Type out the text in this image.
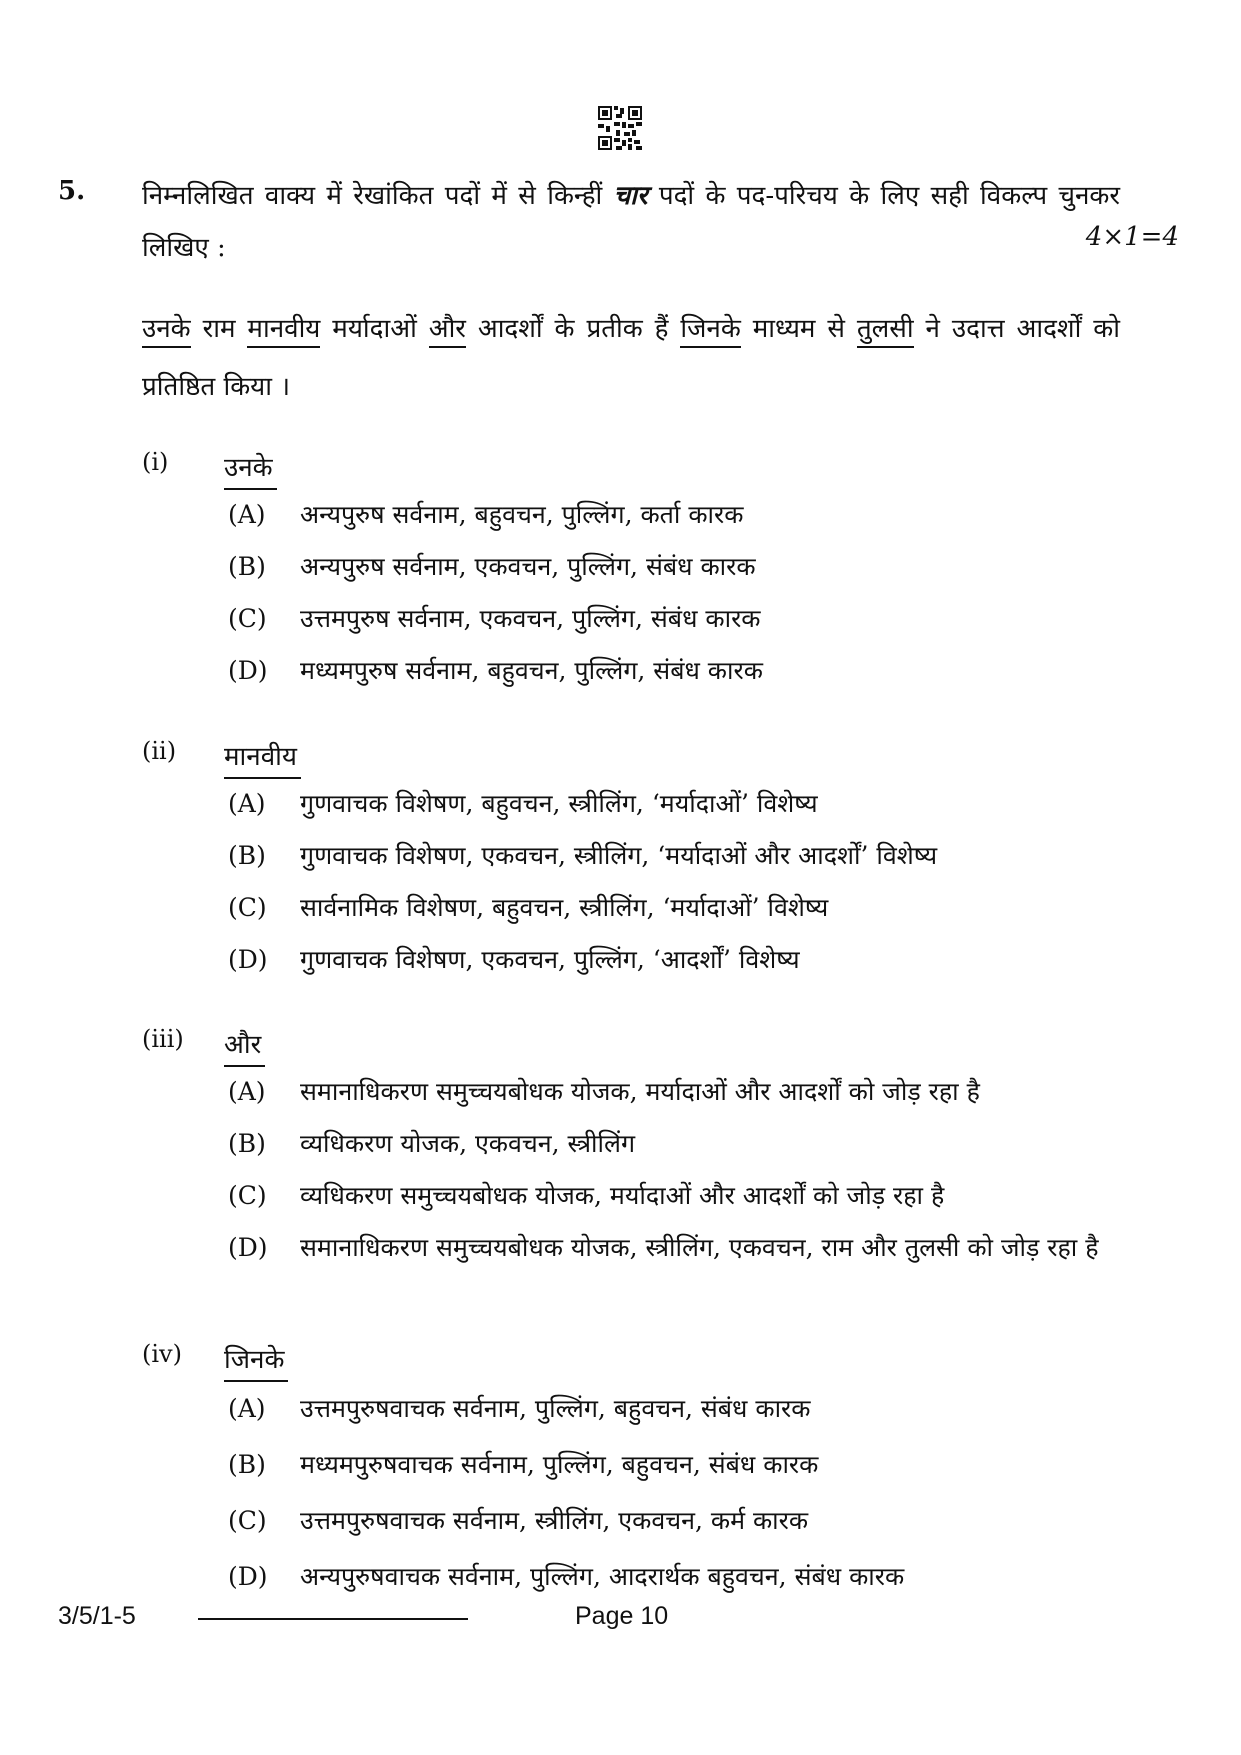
5. निम्नलिखित वाक्य में रेखांकित पदों में से किन्हीं चार पदों के पद-परिचय के लिए सही विकल्प चुनकर लिखिए :	4×1=4
उनके राम मानवीय मर्यादाओं और आदर्शों के प्रतीक हैं जिनके माध्यम से तुलसी ने उदात्त आदर्शों को प्रतिष्ठित किया ।
(i) उनके
(A) अन्यपुरुष सर्वनाम, बहुवचन, पुल्लिंग, कर्ता कारक
(B) अन्यपुरुष सर्वनाम, एकवचन, पुल्लिंग, संबंध कारक
(C) उत्तमपुरुष सर्वनाम, एकवचन, पुल्लिंग, संबंध कारक
(D) मध्यमपुरुष सर्वनाम, बहुवचन, पुल्लिंग, संबंध कारक
(ii) मानवीय
(A) गुणवाचक विशेषण, बहुवचन, स्त्रीलिंग, ‘मर्यादाओं’ विशेष्य
(B) गुणवाचक विशेषण, एकवचन, स्त्रीलिंग, ‘मर्यादाओं और आदर्शों’ विशेष्य
(C) सार्वनामिक विशेषण, बहुवचन, स्त्रीलिंग, ‘मर्यादाओं’ विशेष्य
(D) गुणवाचक विशेषण, एकवचन, पुल्लिंग, ‘आदर्शों’ विशेष्य
(iii) और
(A) समानाधिकरण समुच्चयबोधक योजक, मर्यादाओं और आदर्शों को जोड़ रहा है
(B) व्यधिकरण योजक, एकवचन, स्त्रीलिंग
(C) व्यधिकरण समुच्चयबोधक योजक, मर्यादाओं और आदर्शों को जोड़ रहा है
(D) समानाधिकरण समुच्चयबोधक योजक, स्त्रीलिंग, एकवचन, राम और तुलसी को जोड़ रहा है
(iv) जिनके
(A) उत्तमपुरुषवाचक सर्वनाम, पुल्लिंग, बहुवचन, संबंध कारक
(B) मध्यमपुरुषवाचक सर्वनाम, पुल्लिंग, बहुवचन, संबंध कारक
(C) उत्तमपुरुषवाचक सर्वनाम, स्त्रीलिंग, एकवचन, कर्म कारक
(D) अन्यपुरुषवाचक सर्वनाम, पुल्लिंग, आदरार्थक बहुवचन, संबंध कारक
3/5/1-5	Page 10
